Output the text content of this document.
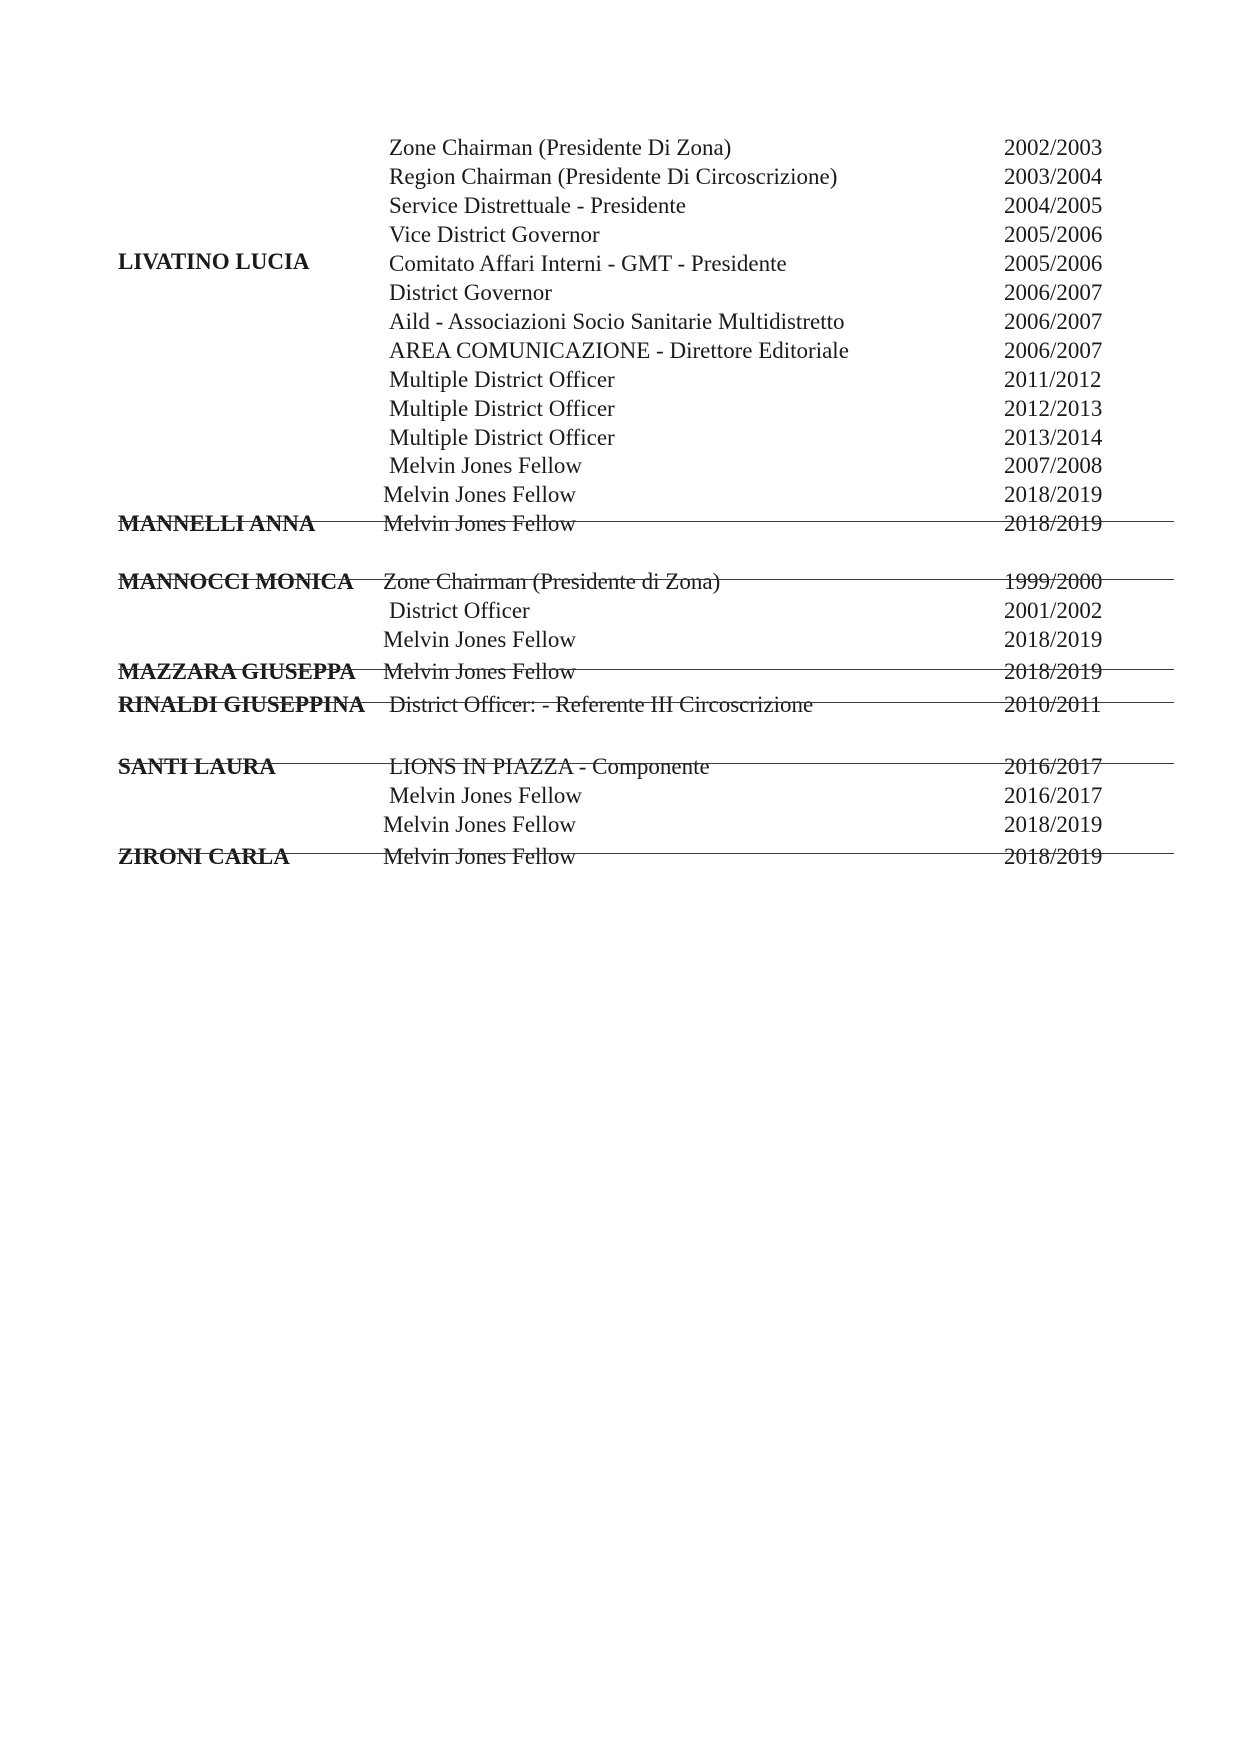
LIVATINO LUCIA
Zone Chairman (Presidente Di Zona)	2002/2003
Region Chairman (Presidente Di Circoscrizione)	2003/2004
Service Distrettuale - Presidente	2004/2005
Vice District Governor	2005/2006
Comitato Affari Interni - GMT - Presidente	2005/2006
District Governor	2006/2007
Aild - Associazioni Socio Sanitarie Multidistretto	2006/2007
AREA COMUNICAZIONE - Direttore Editoriale	2006/2007
Multiple District Officer	2011/2012
Multiple District Officer	2012/2013
Multiple District Officer	2013/2014
Melvin Jones Fellow	2007/2008
Melvin Jones Fellow	2018/2019
MANNELLI ANNA	Melvin Jones Fellow	2018/2019
MANNOCCI MONICA	Zone Chairman (Presidente di Zona)	1999/2000
District Officer	2001/2002
Melvin Jones Fellow	2018/2019
MAZZARA GIUSEPPA	Melvin Jones Fellow	2018/2019
RINALDI GIUSEPPINA	District Officer: - Referente III Circoscrizione	2010/2011
SANTI LAURA	LIONS IN PIAZZA - Componente	2016/2017
Melvin Jones Fellow	2016/2017
Melvin Jones Fellow	2018/2019
ZIRONI CARLA	Melvin Jones Fellow	2018/2019
